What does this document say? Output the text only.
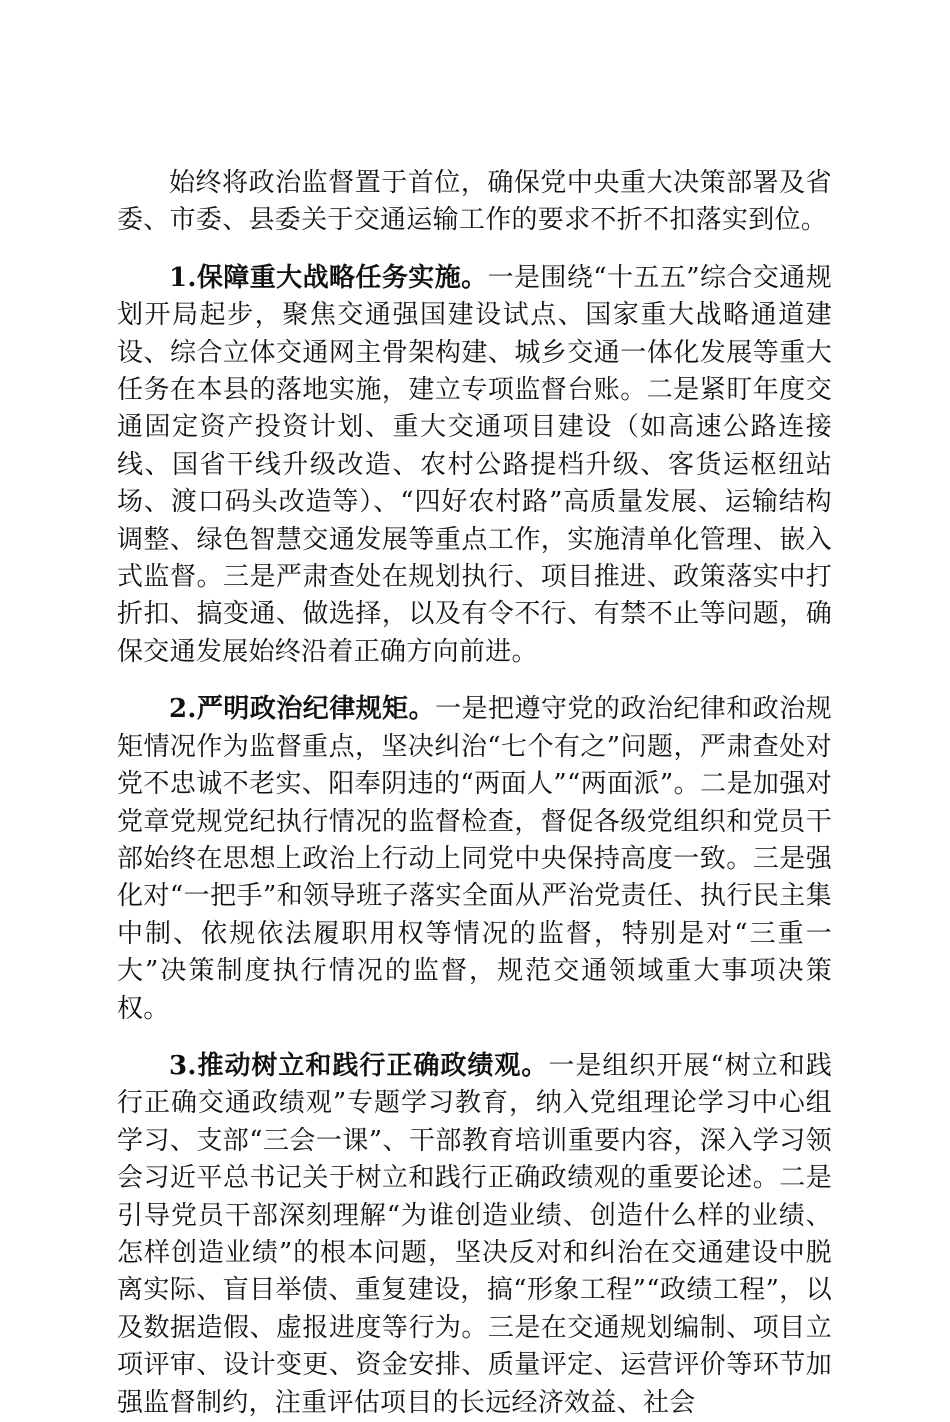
始终将政治监督置于首位，确保党中央重大决策部署及省委、市委、县委关于交通运输工作的要求不折不扣落实到位。

1.保障重大战略任务实施。一是围绕“十五五”综合交通规划开局起步，聚焦交通强国建设试点、国家重大战略通道建设、综合立体交通网主骨架构建、城乡交通一体化发展等重大任务在本县的落地实施，建立专项监督台账。二是紧盯年度交通固定资产投资计划、重大交通项目建设（如高速公路连接线、国省干线升级改造、农村公路提档升级、客货运枢纽站场、渡口码头改造等）、“四好农村路”高质量发展、运输结构调整、绿色智慧交通发展等重点工作，实施清单化管理、嵌入式监督。三是严肃查处在规划执行、项目推进、政策落实中打折扣、搞变通、做选择，以及有令不行、有禁不止等问题，确保交通发展始终沿着正确方向前进。

2.严明政治纪律规矩。一是把遵守党的政治纪律和政治规矩情况作为监督重点，坚决纠治“七个有之”问题，严肃查处对党不忠诚不老实、阳奉阴违的“两面人”“两面派”。二是加强对党章党规党纪执行情况的监督检查，督促各级党组织和党员干部始终在思想上政治上行动上同党中央保持高度一致。三是强化对“一把手”和领导班子落实全面从严治党责任、执行民主集中制、依规依法履职用权等情况的监督，特别是对“三重一大”决策制度执行情况的监督，规范交通领域重大事项决策权。

3.推动树立和践行正确政绩观。一是组织开展“树立和践行正确交通政绩观”专题学习教育，纳入党组理论学习中心组学习、支部“三会一课”、干部教育培训重要内容，深入学习领会习近平总书记关于树立和践行正确政绩观的重要论述。二是引导党员干部深刻理解“为谁创造业绩、创造什么样的业绩、怎样创造业绩”的根本问题，坚决反对和纠治在交通建设中脱离实际、盲目举债、重复建设，搞“形象工程”“政绩工程”，以及数据造假、虚报进度等行为。三是在交通规划编制、项目立项评审、设计变更、资金安排、质量评定、运营评价等环节加强监督制约，注重评估项目的长远经济效益、社会
